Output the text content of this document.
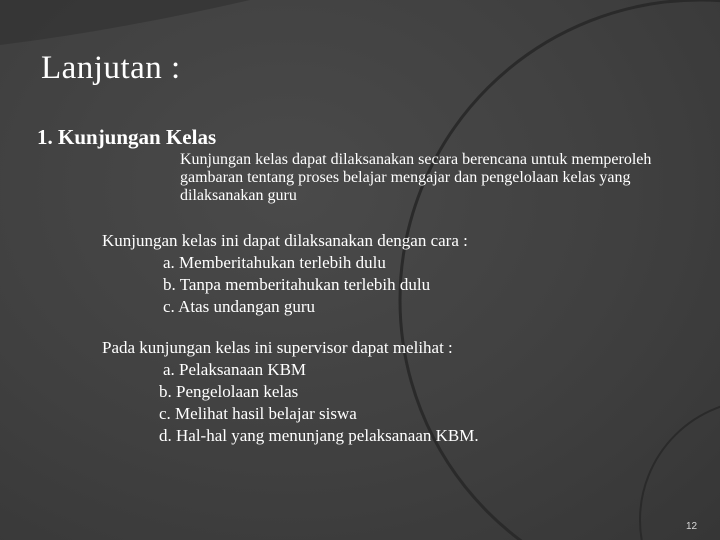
Lanjutan :
1. Kunjungan Kelas

Kunjungan kelas dapat dilaksanakan secara berencana untuk memperoleh gambaran tentang proses belajar mengajar dan pengelolaan kelas yang dilaksanakan guru

Kunjungan kelas ini dapat dilaksanakan dengan cara :

a. Memberitahukan terlebih dulu
b. Tanpa memberitahukan terlebih dulu
c. Atas undangan guru

Pada kunjungan kelas ini supervisor dapat melihat :

a. Pelaksanaan KBM
b. Pengelolaan kelas
c. Melihat hasil belajar siswa
d. Hal-hal yang menunjang pelaksanaan KBM.
12
